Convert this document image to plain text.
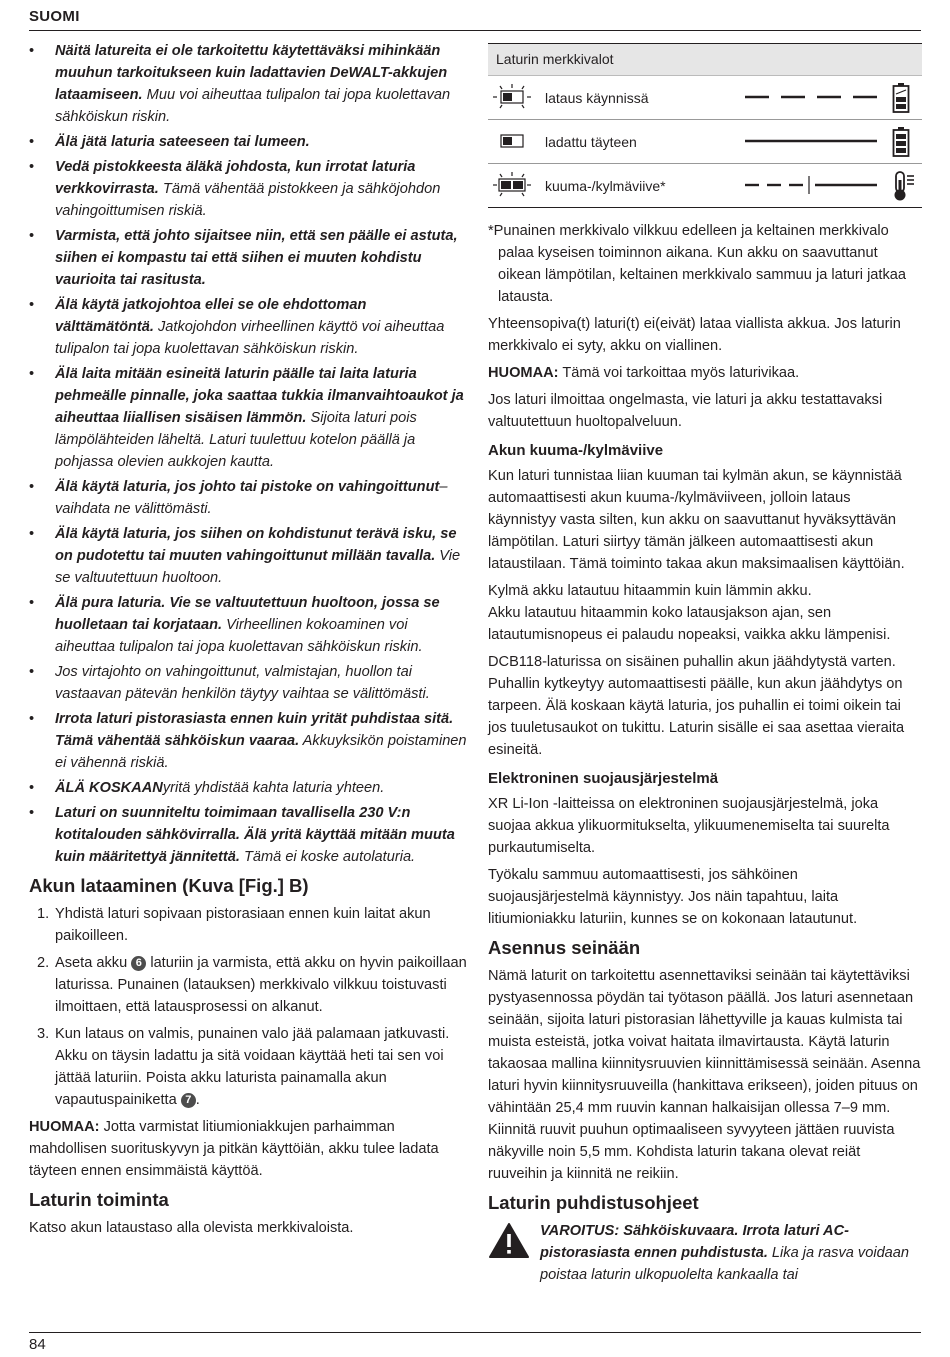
SUOMI
• Näitä latureita ei ole tarkoitettu käytettäväksi mihinkään muuhun tarkoitukseen kuin ladattavien DeWALT-akkujen lataamiseen. Muu voi aiheuttaa tulipalon tai jopa kuolettavan sähköiskun riskin.
• Älä jätä laturia sateeseen tai lumeen.
• Vedä pistokkeesta äläkä johdosta, kun irrotat laturia verkkovirrasta. Tämä vähentää pistokkeen ja sähköjohdon vahingoittumisen riskiä.
• Varmista, että johto sijaitsee niin, että sen päälle ei astuta, siihen ei kompastu tai että siihen ei muuten kohdistu vaurioita tai rasitusta.
• Älä käytä jatkojohtoa ellei se ole ehdottoman välttämätöntä. Jatkojohdon virheellinen käyttö voi aiheuttaa tulipalon tai jopa kuolettavan sähköiskun riskin.
• Älä laita mitään esineitä laturin päälle tai laita laturia pehmeälle pinnalle, joka saattaa tukkia ilmanvaihtoaukot ja aiheuttaa liiallisen sisäisen lämmön. Sijoita laturi pois lämpölähteiden läheltä. Laturi tuulettuu kotelon päällä ja pohjassa olevien aukkojen kautta.
• Älä käytä laturia, jos johto tai pistoke on vahingoittunut– vaihdata ne välittömästi.
• Älä käytä laturia, jos siihen on kohdistunut terävä isku, se on pudotettu tai muuten vahingoittunut millään tavalla. Vie se valtuutettuun huoltoon.
• Älä pura laturia. Vie se valtuutettuun huoltoon, jossa se huolletaan tai korjataan. Virheellinen kokoaminen voi aiheuttaa tulipalon tai jopa kuolettavan sähköiskun riskin.
• Jos virtajohto on vahingoittunut, valmistajan, huollon tai vastaavan pätevän henkilön täytyy vaihtaa se välittömästi.
• Irrota laturi pistorasiasta ennen kuin yrität puhdistaa sitä. Tämä vähentää sähköiskun vaaraa. Akkuyksikön poistaminen ei vähennä riskiä.
• ÄLÄ KOSKAANyritä yhdistää kahta laturia yhteen.
• Laturi on suunniteltu toimimaan tavallisella 230 V:n kotitalouden sähkövirralla. Älä yritä käyttää mitään muuta kuin määritettyä jännitettä. Tämä ei koske autolaturia.
Akun lataaminen (Kuva [Fig.] B)
1. Yhdistä laturi sopivaan pistorasiaan ennen kuin laitat akun paikoilleen.
2. Aseta akku 6 laturiin ja varmista, että akku on hyvin paikoillaan laturissa. Punainen (latauksen) merkkivalo vilkkuu toistuvasti ilmoittaen, että latausprosessi on alkanut.
3. Kun lataus on valmis, punainen valo jää palamaan jatkuvasti. Akku on täysin ladattu ja sitä voidaan käyttää heti tai sen voi jättää laturiin. Poista akku laturista painamalla akun vapautuspainiketta 7 .

HUOMAA: Jotta varmistat litiumioniakkujen parhaimman mahdollisen suorituskyvyn ja pitkän käyttöiän, akku tulee ladata täyteen ennen ensimmäistä käyttöä.

Laturin toiminta

Katso akun lataustaso alla olevista merkkivaloista.

Laturin merkkivalot
lataus käynnissä
ladattu täyteen
kuuma-/kylmäviive*

*Punainen merkkivalo vilkkuu edelleen ja keltainen merkkivalo palaa kyseisen toiminnon aikana. Kun akku on saavuttanut oikean lämpötilan, keltainen merkkivalo sammuu ja laturi jatkaa latausta.

Yhteensopiva(t) laturi(t) ei(eivät) lataa viallista akkua. Jos laturin merkkivalo ei syty, akku on viallinen.

HUOMAA: Tämä voi tarkoittaa myös laturivikaa.

Jos laturi ilmoittaa ongelmasta, vie laturi ja akku testattavaksi valtuutettuun huoltopalveluun.

Akun kuuma-/kylmäviive

Kun laturi tunnistaa liian kuuman tai kylmän akun, se käynnistää automaattisesti akun kuuma-/kylmäviiveen, jolloin lataus käynnistyy vasta silten, kun akku on saavuttanut hyväksyttävän lämpötilan. Laturi siirtyy tämän jälkeen automaattisesti akun lataustilaan. Tämä toiminto takaa akun maksimaalisen käyttöiän.

Kylmä akku latautuu hitaammin kuin lämmin akku.

Akku latautuu hitaammin koko latausjakson ajan, sen latautumisnopeus ei palaudu nopeaksi, vaikka akku lämpenisi.

DCB118-laturissa on sisäinen puhallin akun jäähdytystä varten. Puhallin kytkeytyy automaattisesti päälle, kun akun jäähdytys on tarpeen. Älä koskaan käytä laturia, jos puhallin ei toimi oikein tai jos tuuletusaukot on tukittu. Laturin sisälle ei saa asettaa vieraita esineitä.

Elektroninen suojausjärjestelmä

XR Li-Ion -laitteissa on elektroninen suojausjärjestelmä, joka suojaa akkua ylikuormitukselta, ylikuumenemiselta tai suurelta purkautumiselta.

Työkalu sammuu automaattisesti, jos sähköinen suojausjärjestelmä käynnistyy. Jos näin tapahtuu, laita litiumioniakku laturiin, kunnes se on kokonaan latautunut.

Asennus seinään

Nämä laturit on tarkoitettu asennettaviksi seinään tai käytettäviksi pystyasennossa pöydän tai työtason päällä. Jos laturi asennetaan seinään, sijoita laturi pistorasian lähettyville ja kauas kulmista tai muista esteistä, jotka voivat haitata ilmavirtausta. Käytä laturin takaosaa mallina kiinnitysruuvien kiinnittämisessä seinään. Asenna laturi hyvin kiinnitysruuveilla (hankittava erikseen), joiden pituus on vähintään 25,4 mm ruuvin kannan halkaisijan ollessa 7–9 mm. Kiinnitä ruuvit puuhun optimaaliseen syvyyteen jättäen ruuvista näkyville noin 5,5 mm. Kohdista laturin takana olevat reiät ruuveihin ja kiinnitä ne reikiin.

Laturin puhdistusohjeet
VAROITUS: Sähköiskuvaara. Irrota laturi AC-pistorasiasta ennen puhdistusta. Lika ja rasva voidaan poistaa laturin ulkopuolelta kankaalla tai
84
